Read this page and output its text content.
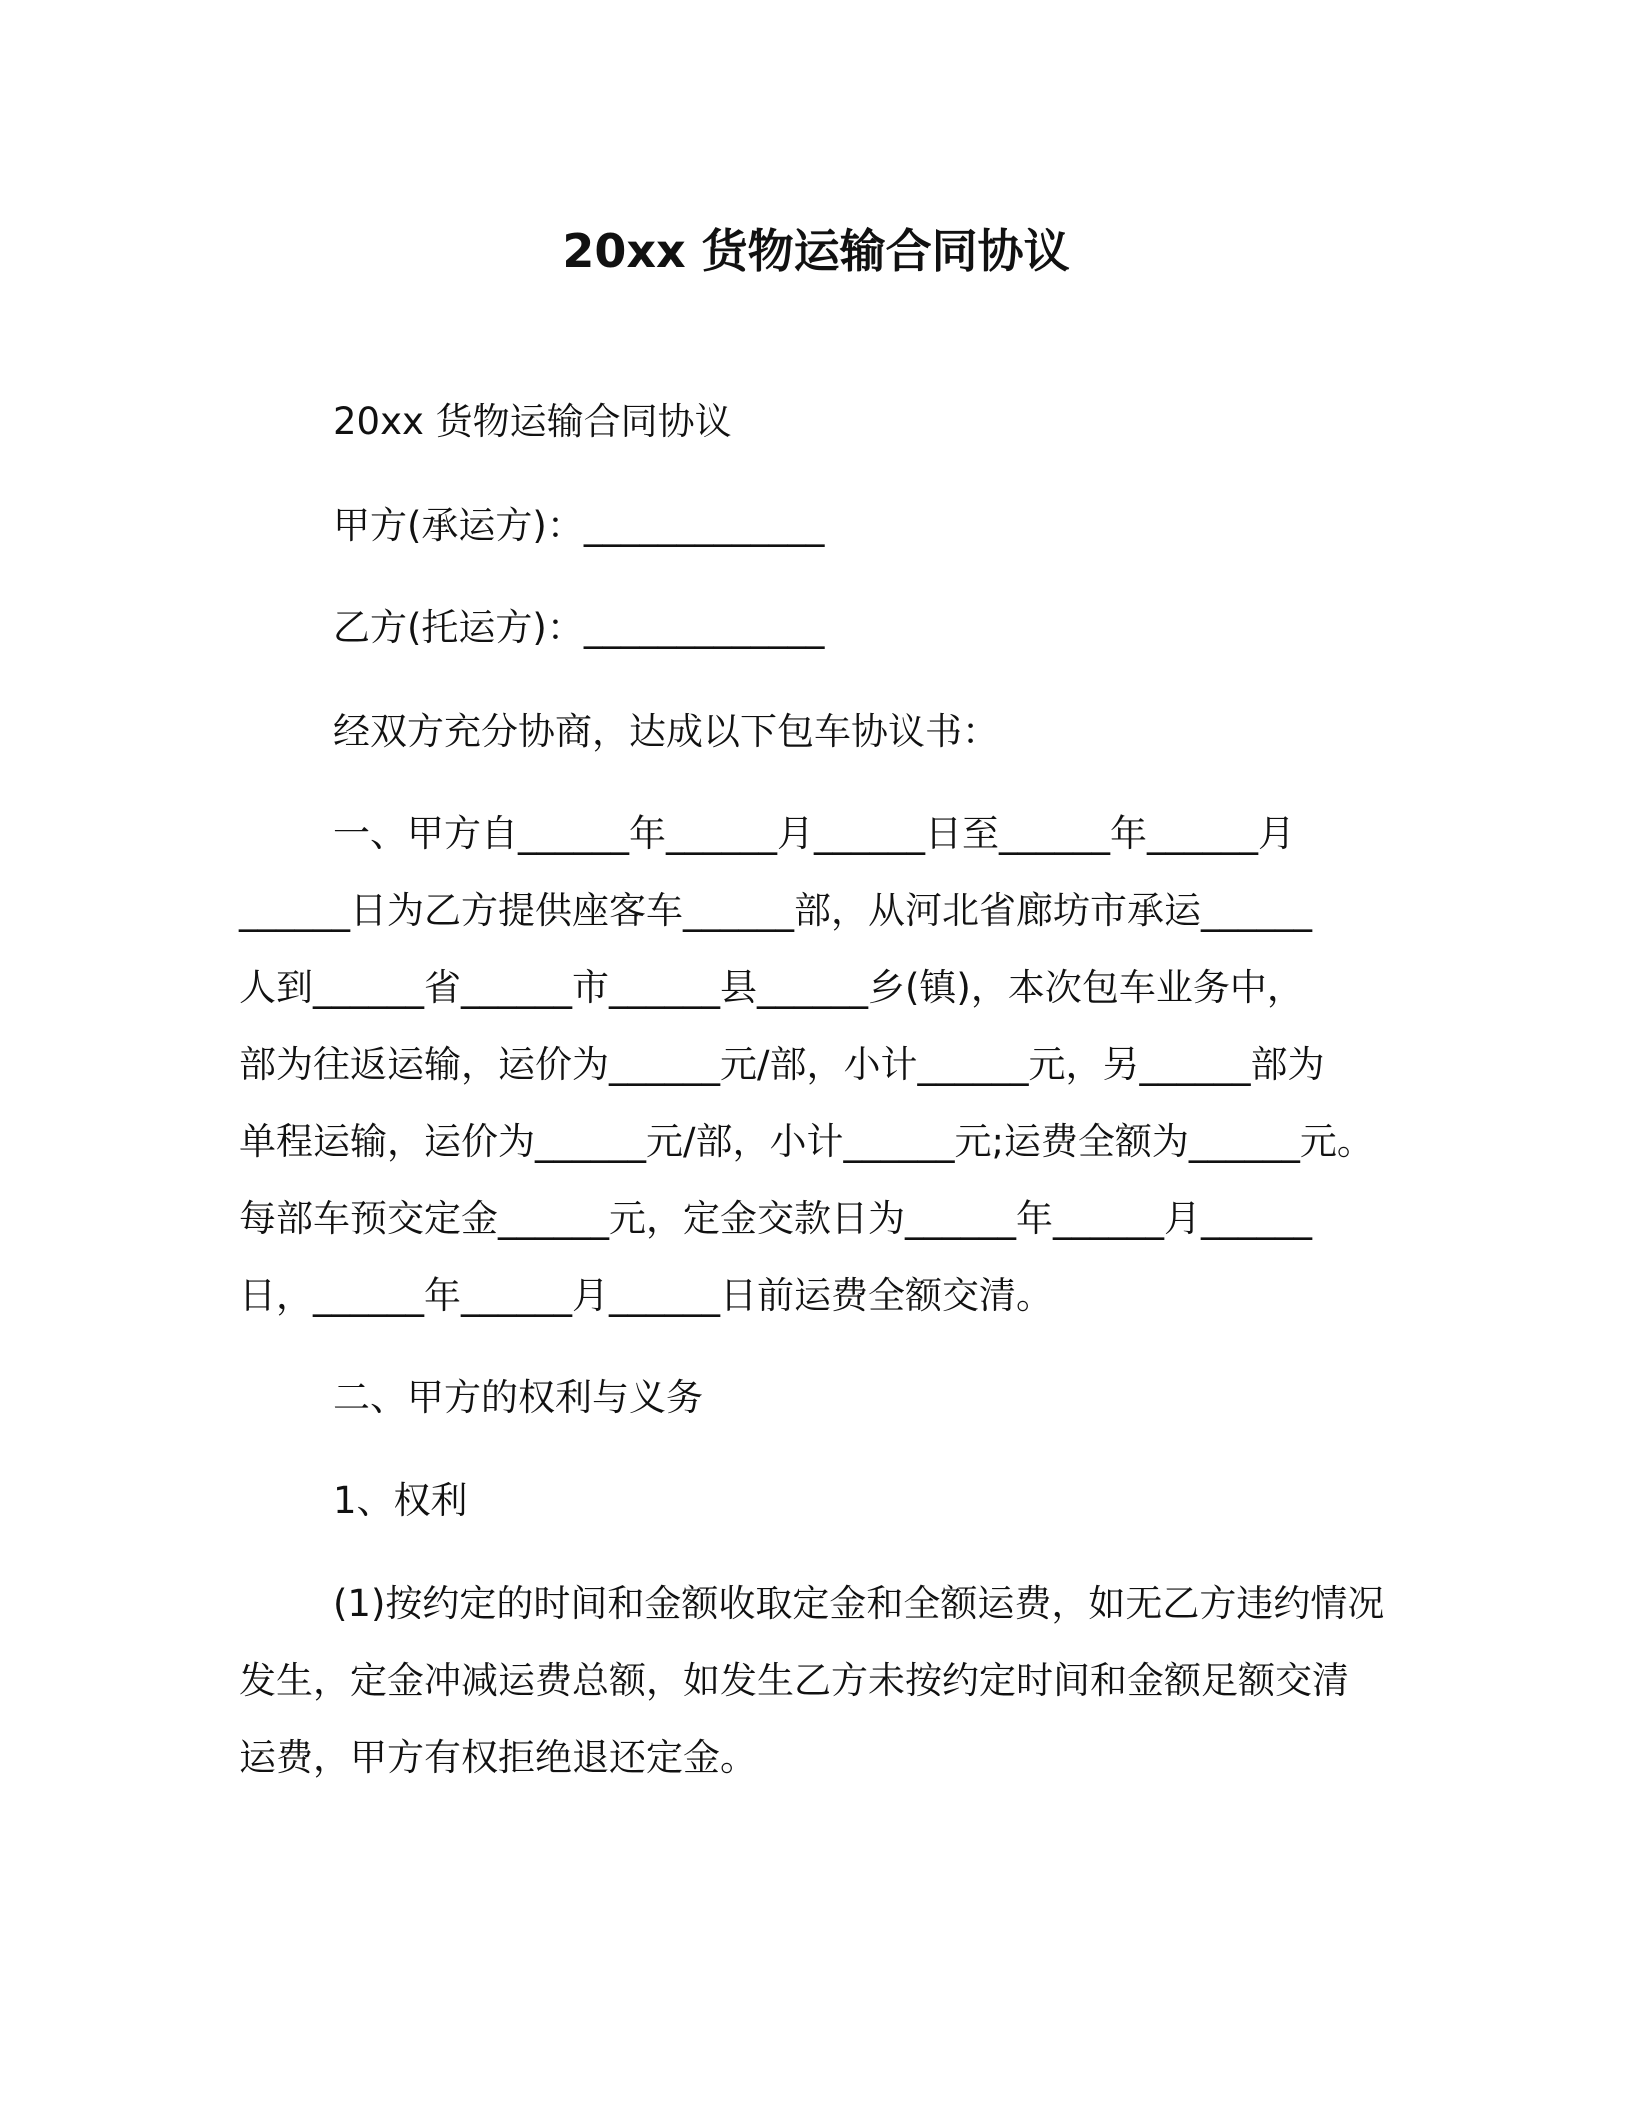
20xx 货物运输合同协议
20xx 货物运输合同协议
甲方(承运方)：_____________
乙方(托运方)：_____________
经双方充分协商，达成以下包车协议书：
一、甲方自______年______月______日至______年______月
______日为乙方提供座客车______部，从河北省廊坊市承运______
人到______省______市______县______乡(镇)，本次包车业务中，
部为往返运输，运价为______元/部，小计______元，另______部为
单程运输，运价为______元/部，小计______元;运费全额为______元。
每部车预交定金______元，定金交款日为______年______月______
日，______年______月______日前运费全额交清。
二、甲方的权利与义务
1、权利
(1)按约定的时间和金额收取定金和全额运费，如无乙方违约情况
发生，定金冲减运费总额，如发生乙方未按约定时间和金额足额交清
运费，甲方有权拒绝退还定金。
